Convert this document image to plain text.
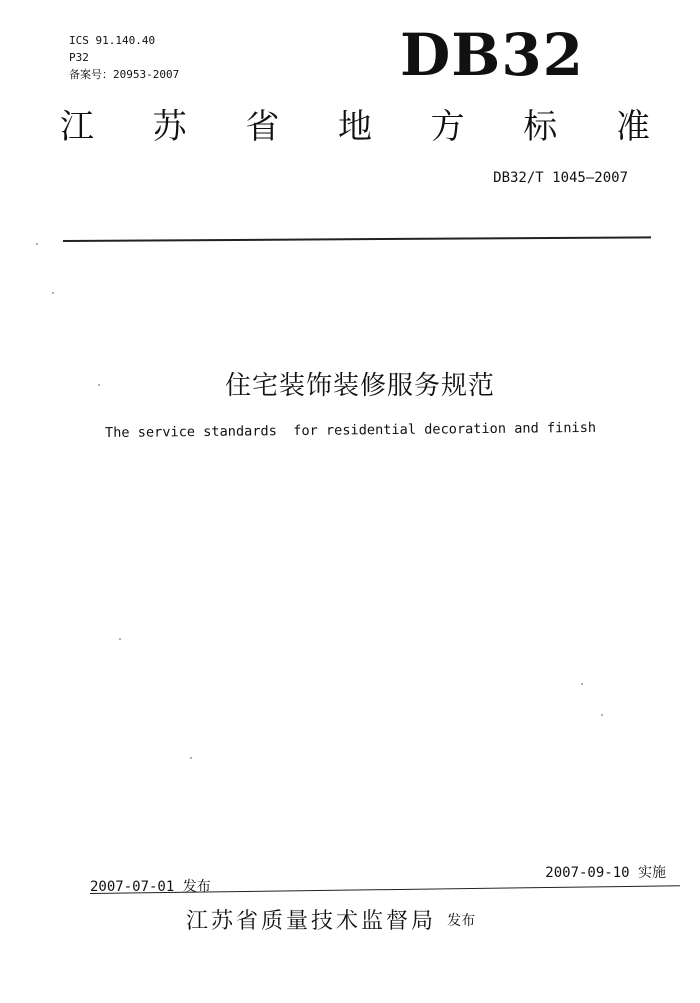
ICS 91.140.40
P32
备案号：20953-2007	DB32
江 苏 省 地 方 标 准
DB32/T 1045—2007
住宅装饰装修服务规范
The service standards  for residential decoration and finish
2007-07-01 发布
2007-09-10 实施
江苏省质量技术监督局 发布
